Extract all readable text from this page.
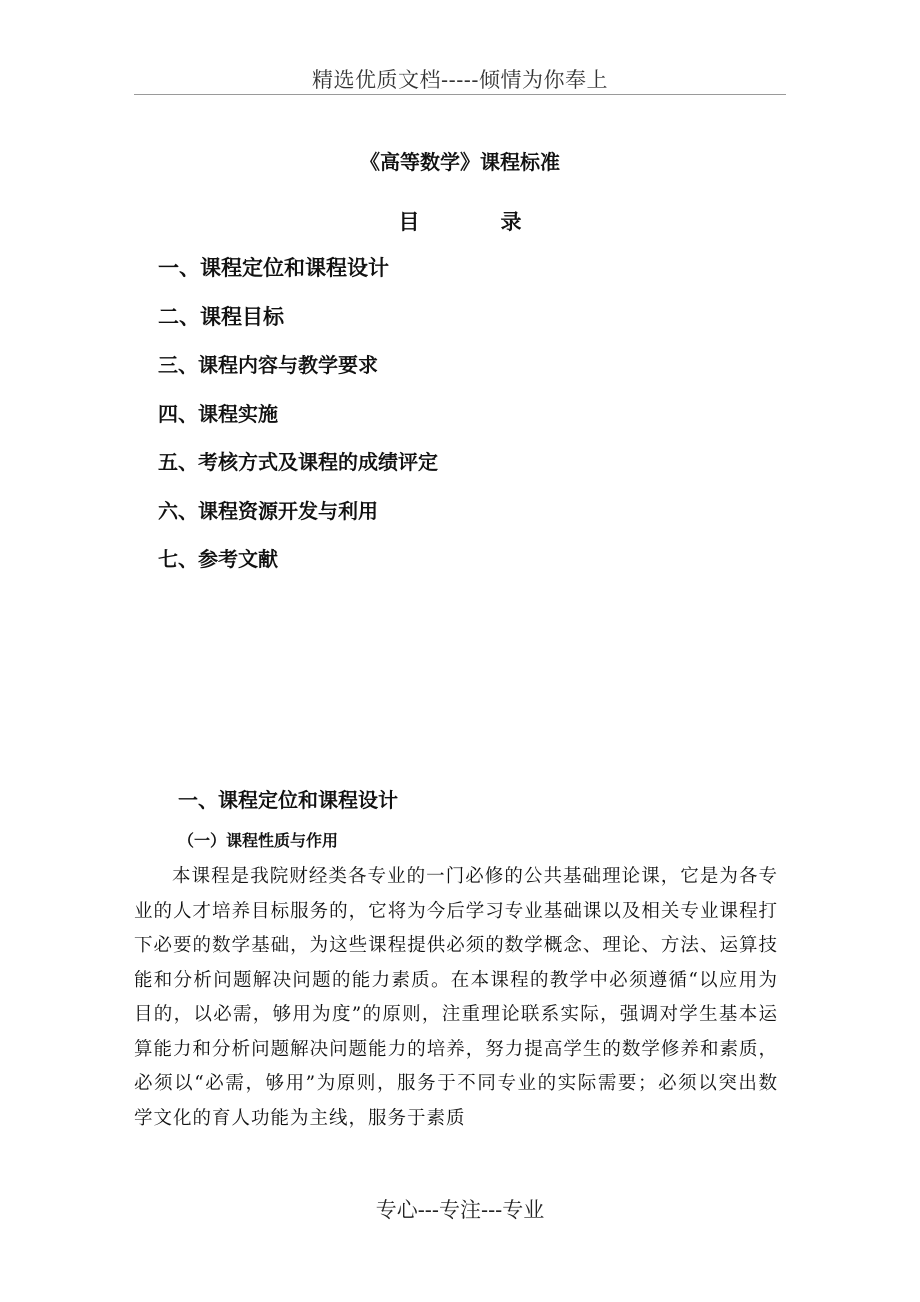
精选优质文档-----倾情为你奉上
《高等数学》课程标准
目　录
一、课程定位和课程设计
二、课程目标
三、课程内容与教学要求
四、课程实施
五、考核方式及课程的成绩评定
六、课程资源开发与利用
七、参考文献
一、课程定位和课程设计
（一）课程性质与作用

本课程是我院财经类各专业的一门必修的公共基础理论课，它是为各专业的人才培养目标服务的，它将为今后学习专业基础课以及相关专业课程打下必要的数学基础，为这些课程提供必须的数学概念、理论、方法、运算技能和分析问题解决问题的能力素质。在本课程的教学中必须遵循“以应用为目的，以必需，够用为度”的原则，注重理论联系实际，强调对学生基本运算能力和分析问题解决问题能力的培养，努力提高学生的数学修养和素质，必须以“必需，够用”为原则，服务于不同专业的实际需要；必须以突出数学文化的育人功能为主线，服务于素质

专心---专注---专业
